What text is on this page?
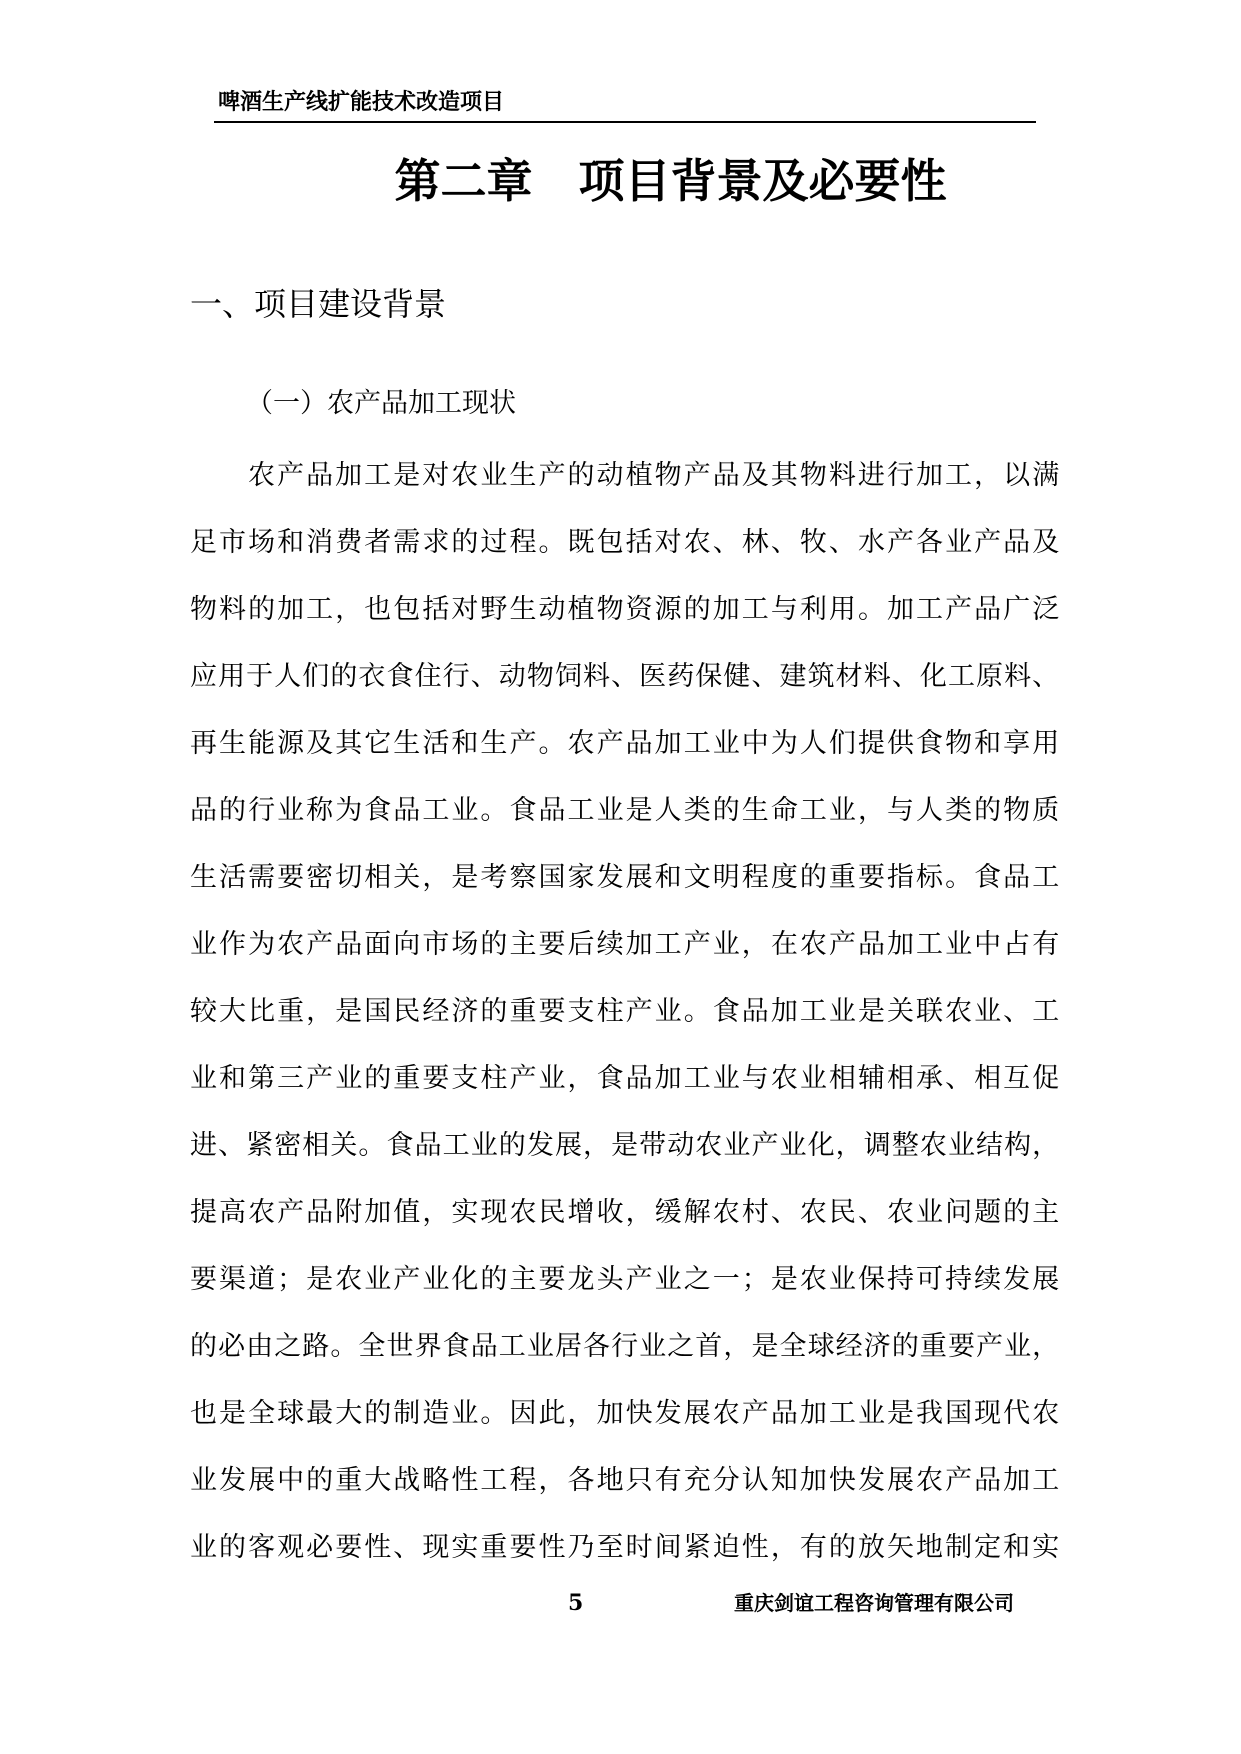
啤酒生产线扩能技术改造项目
第二章　项目背景及必要性
一、项目建设背景
（一）农产品加工现状
农产品加工是对农业生产的动植物产品及其物料进行加工，以满
足市场和消费者需求的过程。既包括对农、林、牧、水产各业产品及
物料的加工，也包括对野生动植物资源的加工与利用。加工产品广泛
应用于人们的衣食住行、动物饲料、医药保健、建筑材料、化工原料、
再生能源及其它生活和生产。农产品加工业中为人们提供食物和享用
品的行业称为食品工业。食品工业是人类的生命工业，与人类的物质
生活需要密切相关，是考察国家发展和文明程度的重要指标。食品工
业作为农产品面向市场的主要后续加工产业，在农产品加工业中占有
较大比重，是国民经济的重要支柱产业。食品加工业是关联农业、工
业和第三产业的重要支柱产业，食品加工业与农业相辅相承、相互促
进、紧密相关。食品工业的发展，是带动农业产业化，调整农业结构，
提高农产品附加值，实现农民增收，缓解农村、农民、农业问题的主
要渠道；是农业产业化的主要龙头产业之一；是农业保持可持续发展
的必由之路。全世界食品工业居各行业之首，是全球经济的重要产业，
也是全球最大的制造业。因此，加快发展农产品加工业是我国现代农
业发展中的重大战略性工程，各地只有充分认知加快发展农产品加工
业的客观必要性、现实重要性乃至时间紧迫性，有的放矢地制定和实
5	重庆剑谊工程咨询管理有限公司
